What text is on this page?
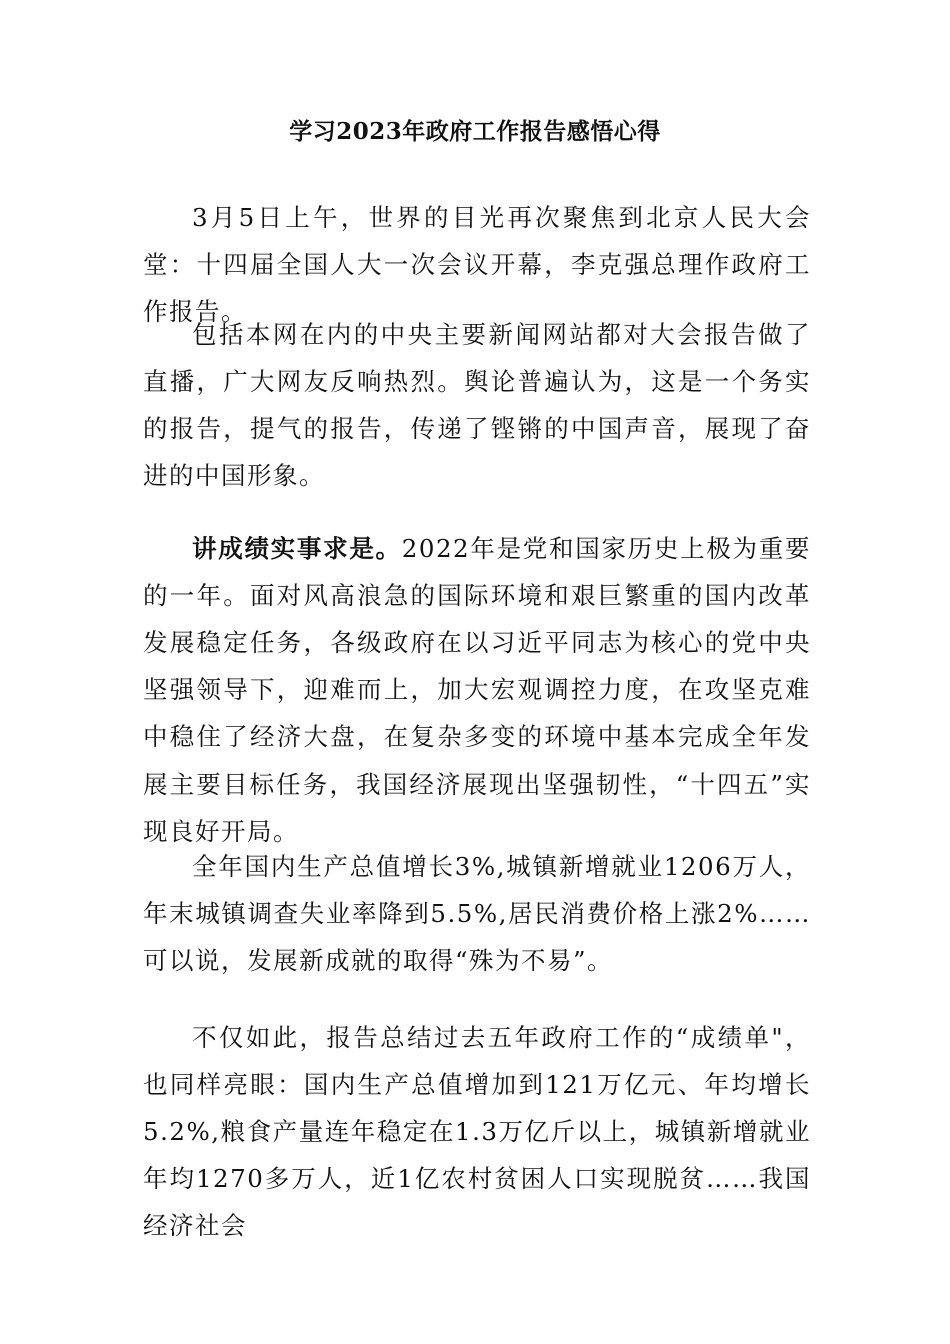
学习2023年政府工作报告感悟心得

3月5日上午，世界的目光再次聚焦到北京人民大会堂：十四届全国人大一次会议开幕，李克强总理作政府工作报告。

包括本网在内的中央主要新闻网站都对大会报告做了直播，广大网友反响热烈。舆论普遍认为，这是一个务实的报告，提气的报告，传递了铿锵的中国声音，展现了奋进的中国形象。

讲成绩实事求是。2022年是党和国家历史上极为重要的一年。面对风高浪急的国际环境和艰巨繁重的国内改革发展稳定任务，各级政府在以习近平同志为核心的党中央坚强领导下，迎难而上，加大宏观调控力度，在攻坚克难中稳住了经济大盘，在复杂多变的环境中基本完成全年发展主要目标任务，我国经济展现出坚强韧性，“十四五”实现良好开局。

全年国内生产总值增长3%,城镇新增就业1206万人，年末城镇调查失业率降到5.5%,居民消费价格上涨2%……可以说，发展新成就的取得“殊为不易”。

不仅如此，报告总结过去五年政府工作的“成绩单"，也同样亮眼：国内生产总值增加到121万亿元、年均增长5.2%,粮食产量连年稳定在1.3万亿斤以上，城镇新增就业年均1270多万人，近1亿农村贫困人口实现脱贫……我国经济社会
